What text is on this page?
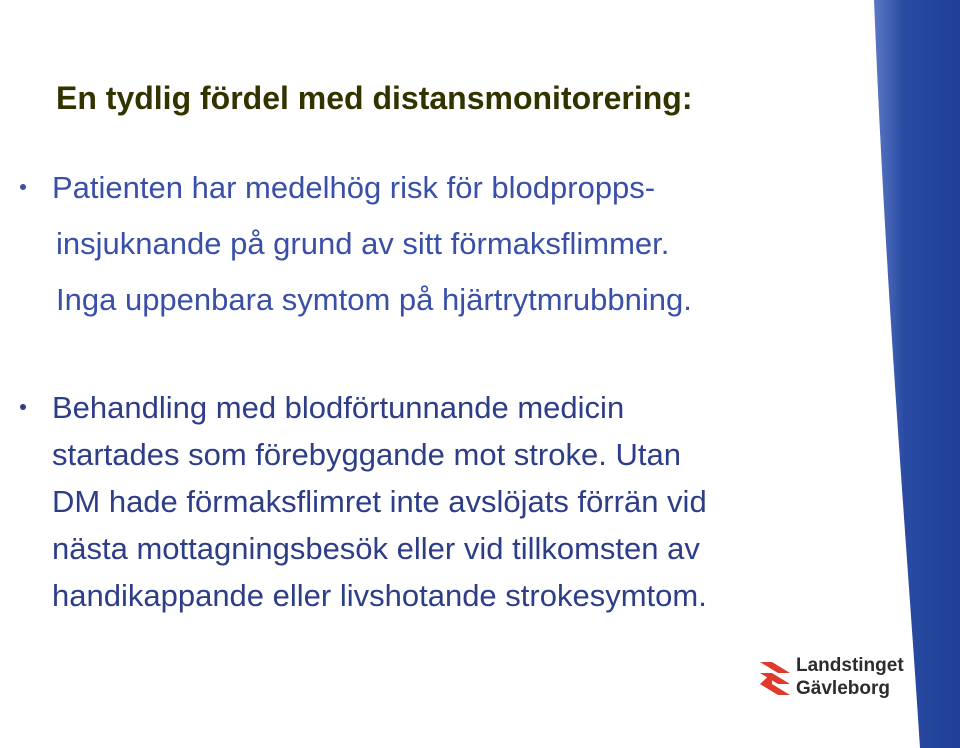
En tydlig fördel med distansmonitorering:
Patienten har medelhög risk för blodpropps-
insjuknande på grund av sitt förmaksflimmer.
Inga uppenbara symtom på hjärtrytmrubbning.
Behandling med blodförtunnande medicin
startades som förebyggande mot stroke. Utan
DM hade förmaksflimret inte avslöjats förrän vid
nästa mottagningsbesök eller vid tillkomsten av
handikappande eller livshotande strokesymtom.
Landstinget
Gävleborg
